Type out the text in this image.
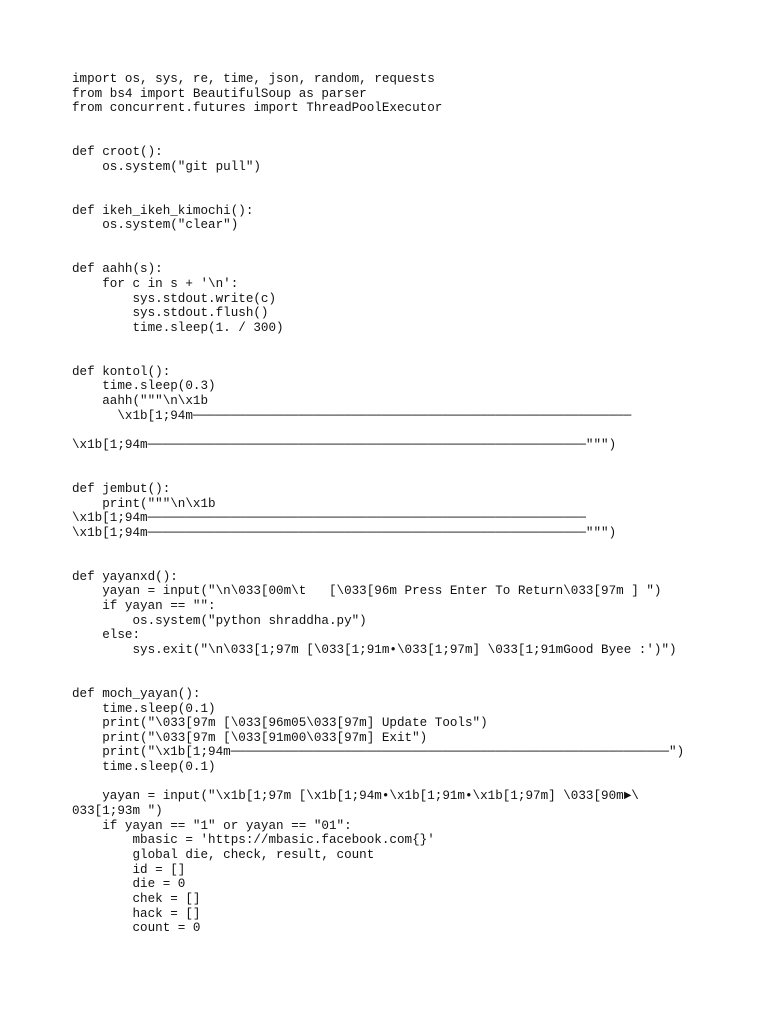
import os, sys, re, time, json, random, requests
from bs4 import BeautifulSoup as parser
from concurrent.futures import ThreadPoolExecutor
def croot():
os.system("git pull")
def ikeh_ikeh_kimochi():
os.system("clear")
def aahh(s):
for c in s + '\n':
sys.stdout.write(c)
sys.stdout.flush()
time.sleep(1. / 300)
def kontol():
time.sleep(0.3)
aahh("""\n\x1b
\x1b[1;94m──────────────────────────────────────────────────────────
\x1b[1;94m──────────────────────────────────────────────────────────""")
def jembut():
print("""\n\x1b
\x1b[1;94m──────────────────────────────────────────────────────────
\x1b[1;94m──────────────────────────────────────────────────────────""")
def yayanxd():
yayan = input("\n\033[00m\t   [\033[96m Press Enter To Return\033[97m ] ")
if yayan == "":
os.system("python shraddha.py")
else:
sys.exit("\n\033[1;97m [\033[1;91m•\033[1;97m] \033[1;91mGood Byee :')")
def moch_yayan():
time.sleep(0.1)
print("\033[97m [\033[96m05\033[97m] Update Tools")
print("\033[97m [\033[91m00\033[97m] Exit")
print("\x1b[1;94m──────────────────────────────────────────────────────────")
time.sleep(0.1)
yayan = input("\x1b[1;97m [\x1b[1;94m•\x1b[1;91m•\x1b[1;97m] \033[90m►\
033[1;93m ")
if yayan == "1" or yayan == "01":
mbasic = 'https://mbasic.facebook.com{}'
global die, check, result, count
id = []
die = 0
chek = []
hack = []
count = 0
